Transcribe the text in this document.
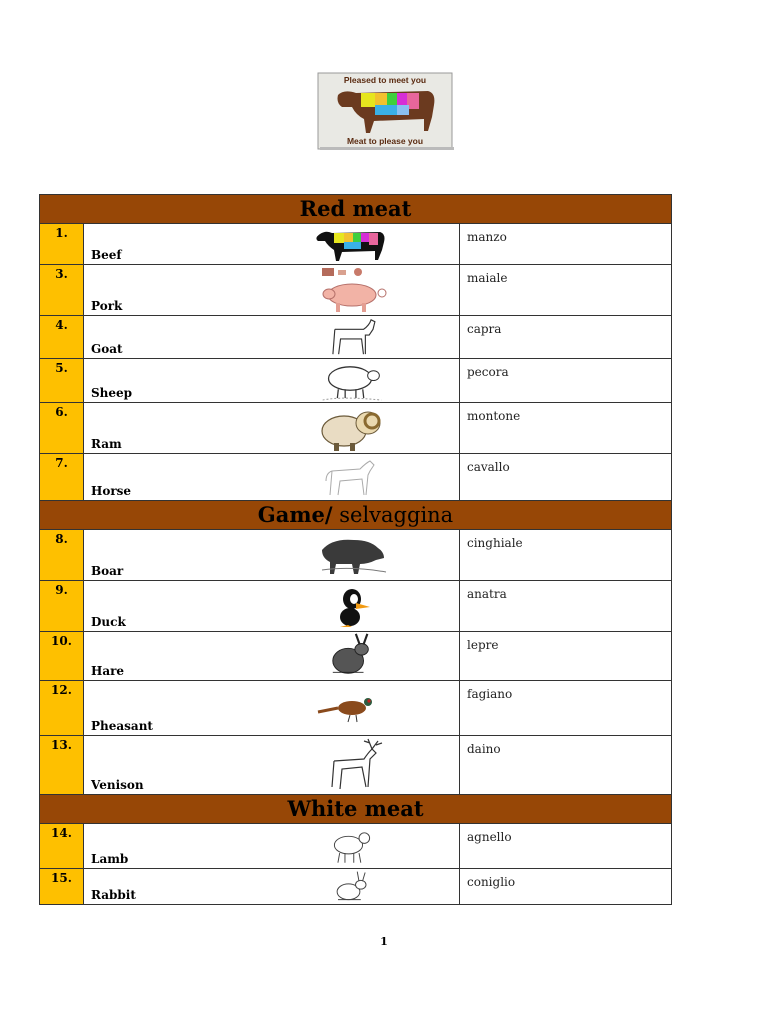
Pleased to meet you
Meat to please you
Red meat		
1.	Beef	manzo
3.	Pork	maiale
4.	Goat	capra
5.	Sheep	pecora
6.	Ram	montone
7.	Horse	cavallo
Game/ selvaggina		
8.	Boar	cinghiale
9.	Duck	anatra
10.	Hare	lepre
12.	Pheasant	fagiano
13.	Venison	daino
White meat		
14.	Lamb	agnello
15.	Rabbit	coniglio
1
